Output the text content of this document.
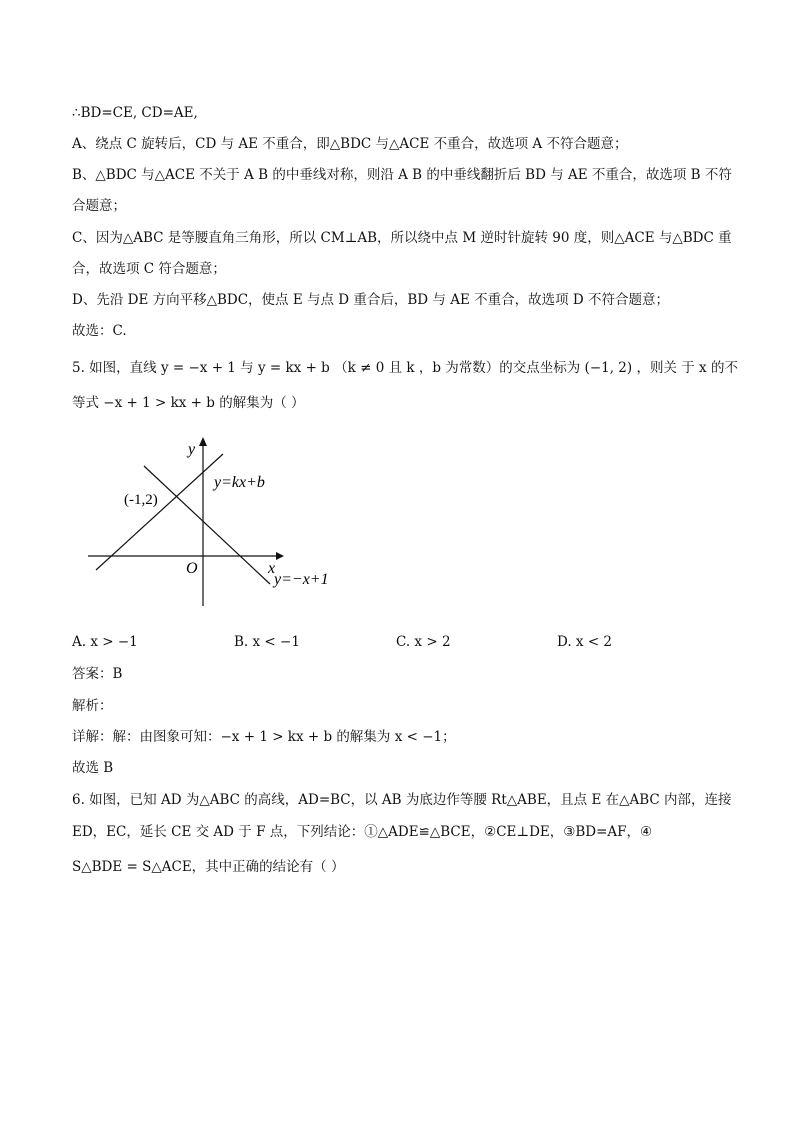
∴BD=CE, CD=AE,
A、绕点 C 旋转后，CD 与 AE 不重合，即△BDC 与△ACE 不重合，故选项 A 不符合题意；
B、△BDC 与△ACE 不关于 A B 的中垂线对称，则沿 A B 的中垂线翻折后 BD 与 AE 不重合，故选项 B 不符
合题意；
C、因为△ABC 是等腰直角三角形，所以 CM⊥AB，所以绕中点 M 逆时针旋转 90 度，则△ACE 与△BDC 重
合，故选项 C 符合题意；
D、先沿 DE 方向平移△BDC，使点 E 与点 D 重合后，BD 与 AE 不重合，故选项 D 不符合题意；
故选：C.
5. 如图，直线 y = −x + 1 与 y = kx + b （k ≠ 0 且 k ，b 为常数）的交点坐标为 (−1, 2) ，则关 于 x 的不
等式 −x + 1 > kx + b 的解集为（ ）
y
x
O
(-1,2)
y=kx+b
y=−x+1
A. x > −1	B. x < −1	C. x > 2	D. x < 2
答案：B
解析：
详解：解：由图象可知：−x + 1 > kx + b 的解集为 x < −1；
故选 B
6. 如图，已知 AD 为△ABC 的高线，AD=BC，以 AB 为底边作等腰 Rt△ABE，且点 E 在△ABC 内部，连接
ED，EC，延长 CE 交 AD 于 F 点，下列结论：①△ADE≌△BCE，②CE⊥DE，③BD=AF，④
S△BDE = S△ACE，其中正确的结论有（ ）
